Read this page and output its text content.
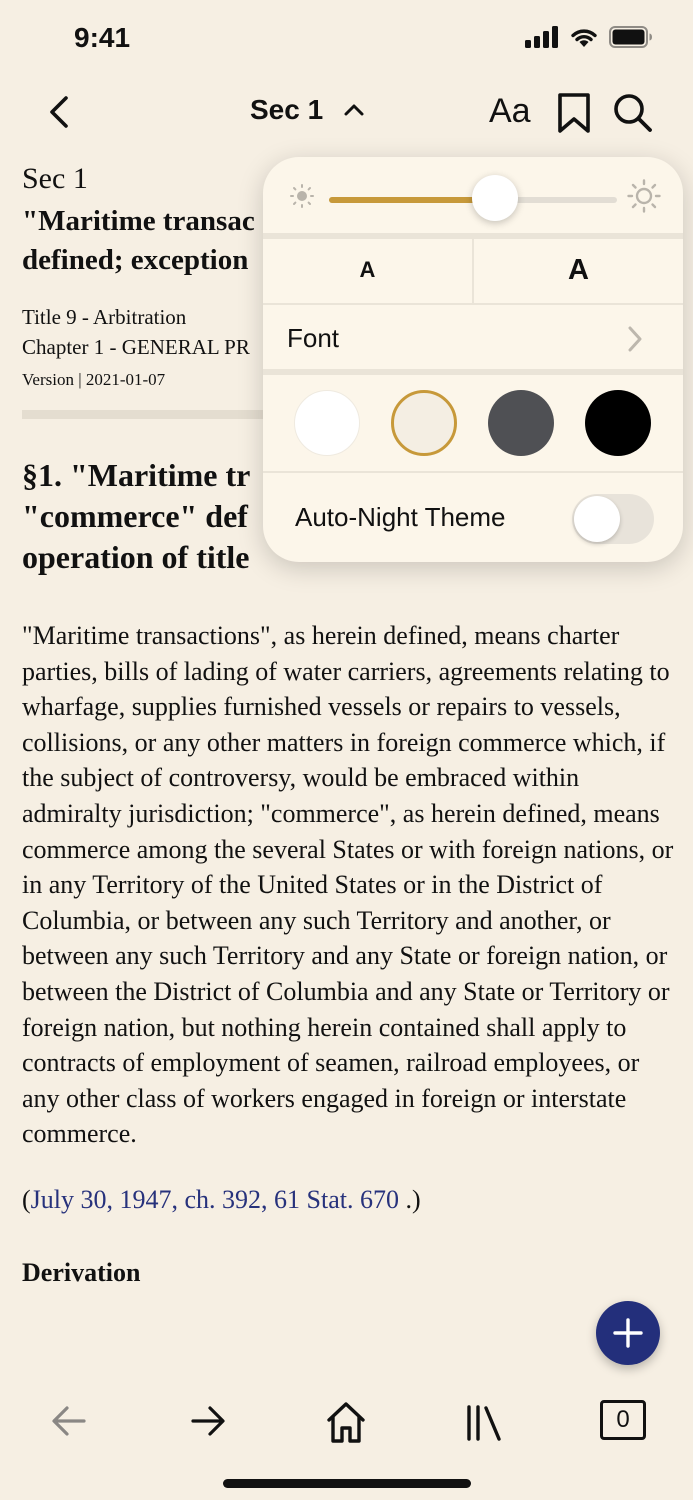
9:41
Sec 1	Aa
Sec 1
"Maritime transac
defined; exception
Title 9 - Arbitration
Chapter 1 - GENERAL PR
Version | 2021-01-07
§1. "Maritime tr
"commerce" def
operation of title

"Maritime transactions", as herein defined, means charter parties, bills of lading of water carriers, agreements relating to wharfage, supplies furnished vessels or repairs to vessels, collisions, or any other matters in foreign commerce which, if the subject of controversy, would be embraced within admiralty jurisdiction; "commerce", as herein defined, means commerce among the several States or with foreign nations, or in any Territory of the United States or in the District of Columbia, or between any such Territory and another, or between any such Territory and any State or foreign nation, or between the District of Columbia and any State or Territory or foreign nation, but nothing herein contained shall apply to contracts of employment of seamen, railroad employees, or any other class of workers engaged in foreign or interstate commerce.

(July 30, 1947, ch. 392, 61 Stat. 670 .)
Derivation
A	A
Font
Auto-Night Theme
0
